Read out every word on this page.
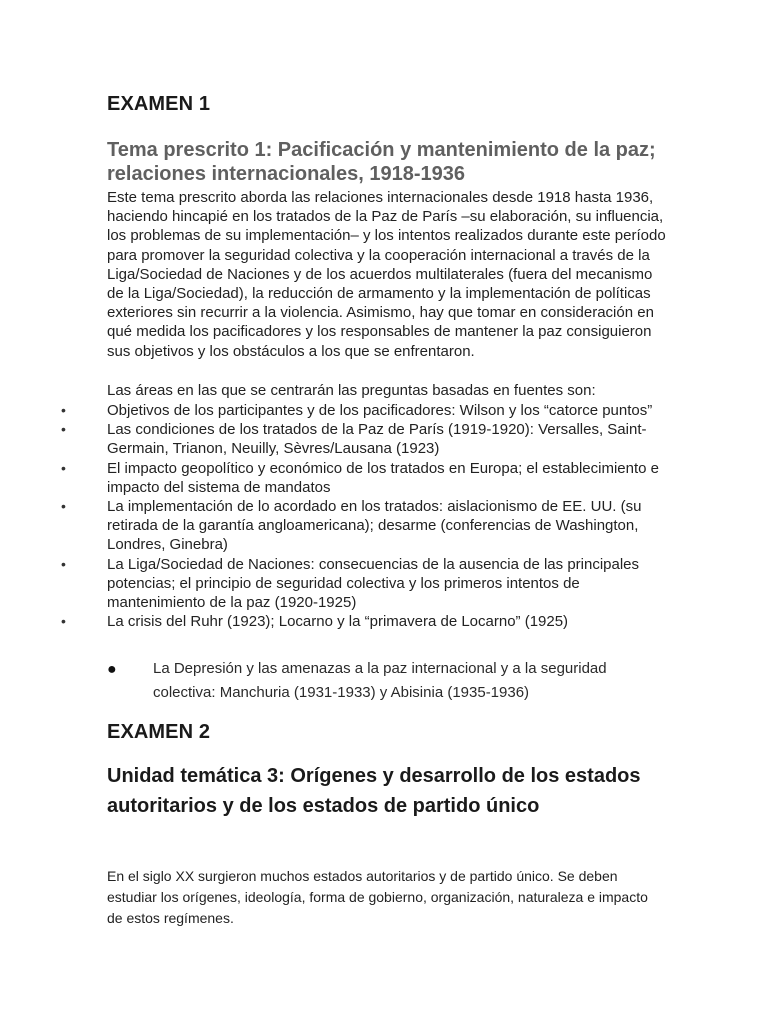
EXAMEN 1
Tema prescrito 1: Pacificación y mantenimiento de la paz; relaciones internacionales, 1918-1936

Este tema prescrito aborda las relaciones internacionales desde 1918 hasta 1936, haciendo hincapié en los tratados de la Paz de París –su elaboración, su influencia, los problemas de su implementación– y los intentos realizados durante este período para promover la seguridad colectiva y la cooperación internacional a través de la Liga/Sociedad de Naciones y de los acuerdos multilaterales (fuera del mecanismo de la Liga/Sociedad), la reducción de armamento y la implementación de políticas exteriores sin recurrir a la violencia. Asimismo, hay que tomar en consideración en qué medida los pacificadores y los responsables de mantener la paz consiguieron sus objetivos y los obstáculos a los que se enfrentaron.

Las áreas en las que se centrarán las preguntas basadas en fuentes son:

•	Objetivos de los participantes y de los pacificadores: Wilson y los “catorce puntos”
•	Las condiciones de los tratados de la Paz de París (1919-1920): Versalles, Saint-Germain, Trianon, Neuilly, Sèvres/Lausana (1923)
•	El impacto geopolítico y económico de los tratados en Europa; el establecimiento e impacto del sistema de mandatos
•	La implementación de lo acordado en los tratados: aislacionismo de EE. UU. (su retirada de la garantía angloamericana); desarme (conferencias de Washington, Londres, Ginebra)
•	La Liga/Sociedad de Naciones: consecuencias de la ausencia de las principales potencias; el principio de seguridad colectiva y los primeros intentos de mantenimiento de la paz (1920-1925)
•	La crisis del Ruhr (1923); Locarno y la “primavera de Locarno” (1925)
● La Depresión y las amenazas a la paz internacional y a la seguridad colectiva: Manchuria (1931-1933) y Abisinia (1935-1936)
EXAMEN 2
Unidad temática 3: Orígenes y desarrollo de los estados autoritarios y de los estados de partido único

En el siglo XX surgieron muchos estados autoritarios y de partido único. Se deben estudiar los orígenes, ideología, forma de gobierno, organización, naturaleza e impacto de estos regímenes.
